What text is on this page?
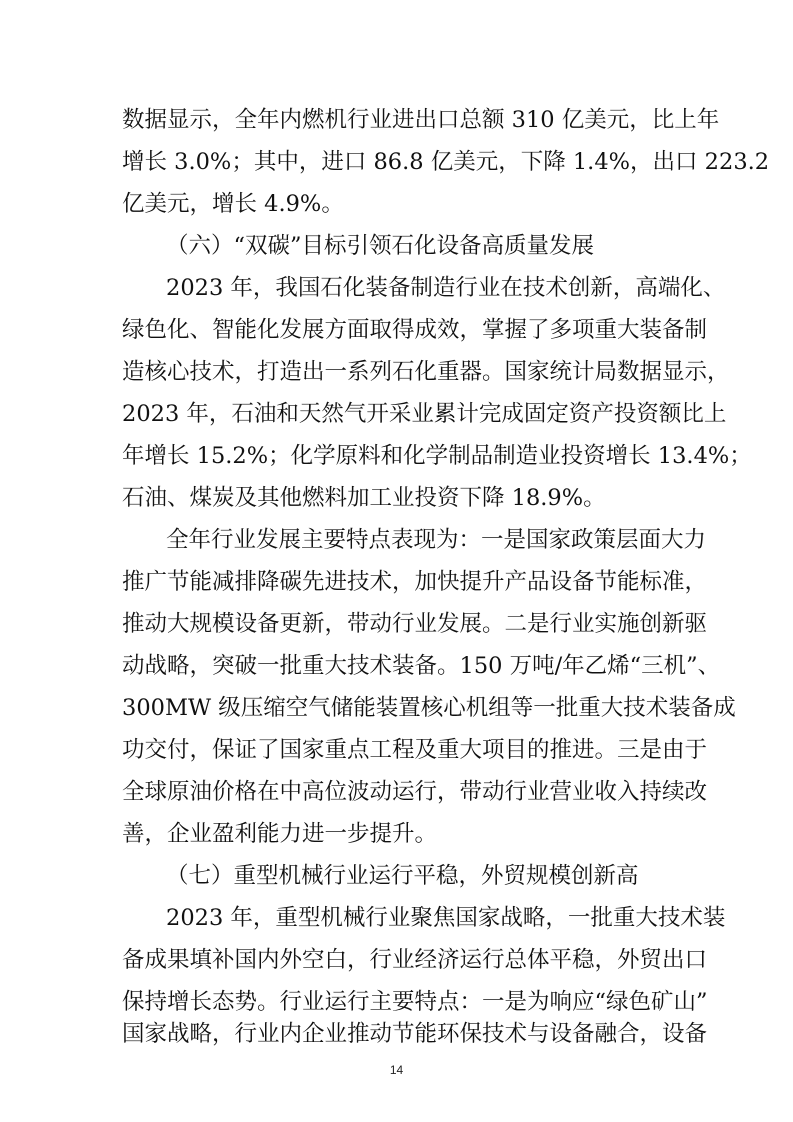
数据显示，全年内燃机行业进出口总额 310 亿美元，比上年
增长 3.0%；其中，进口 86.8 亿美元，下降 1.4%，出口 223.2
亿美元，增长 4.9%。
（六）“双碳”目标引领石化设备高质量发展
2023 年，我国石化装备制造行业在技术创新，高端化、
绿色化、智能化发展方面取得成效，掌握了多项重大装备制
造核心技术，打造出一系列石化重器。国家统计局数据显示，
2023 年，石油和天然气开采业累计完成固定资产投资额比上
年增长 15.2%；化学原料和化学制品制造业投资增长 13.4%；
石油、煤炭及其他燃料加工业投资下降 18.9%。
全年行业发展主要特点表现为：一是国家政策层面大力
推广节能减排降碳先进技术，加快提升产品设备节能标准，
推动大规模设备更新，带动行业发展。二是行业实施创新驱
动战略，突破一批重大技术装备。150 万吨/年乙烯“三机”、
300MW 级压缩空气储能装置核心机组等一批重大技术装备成
功交付，保证了国家重点工程及重大项目的推进。三是由于
全球原油价格在中高位波动运行，带动行业营业收入持续改
善，企业盈利能力进一步提升。
（七）重型机械行业运行平稳，外贸规模创新高
2023 年，重型机械行业聚焦国家战略，一批重大技术装
备成果填补国内外空白，行业经济运行总体平稳，外贸出口
保持增长态势。行业运行主要特点：一是为响应“绿色矿山”
国家战略，行业内企业推动节能环保技术与设备融合，设备
14
